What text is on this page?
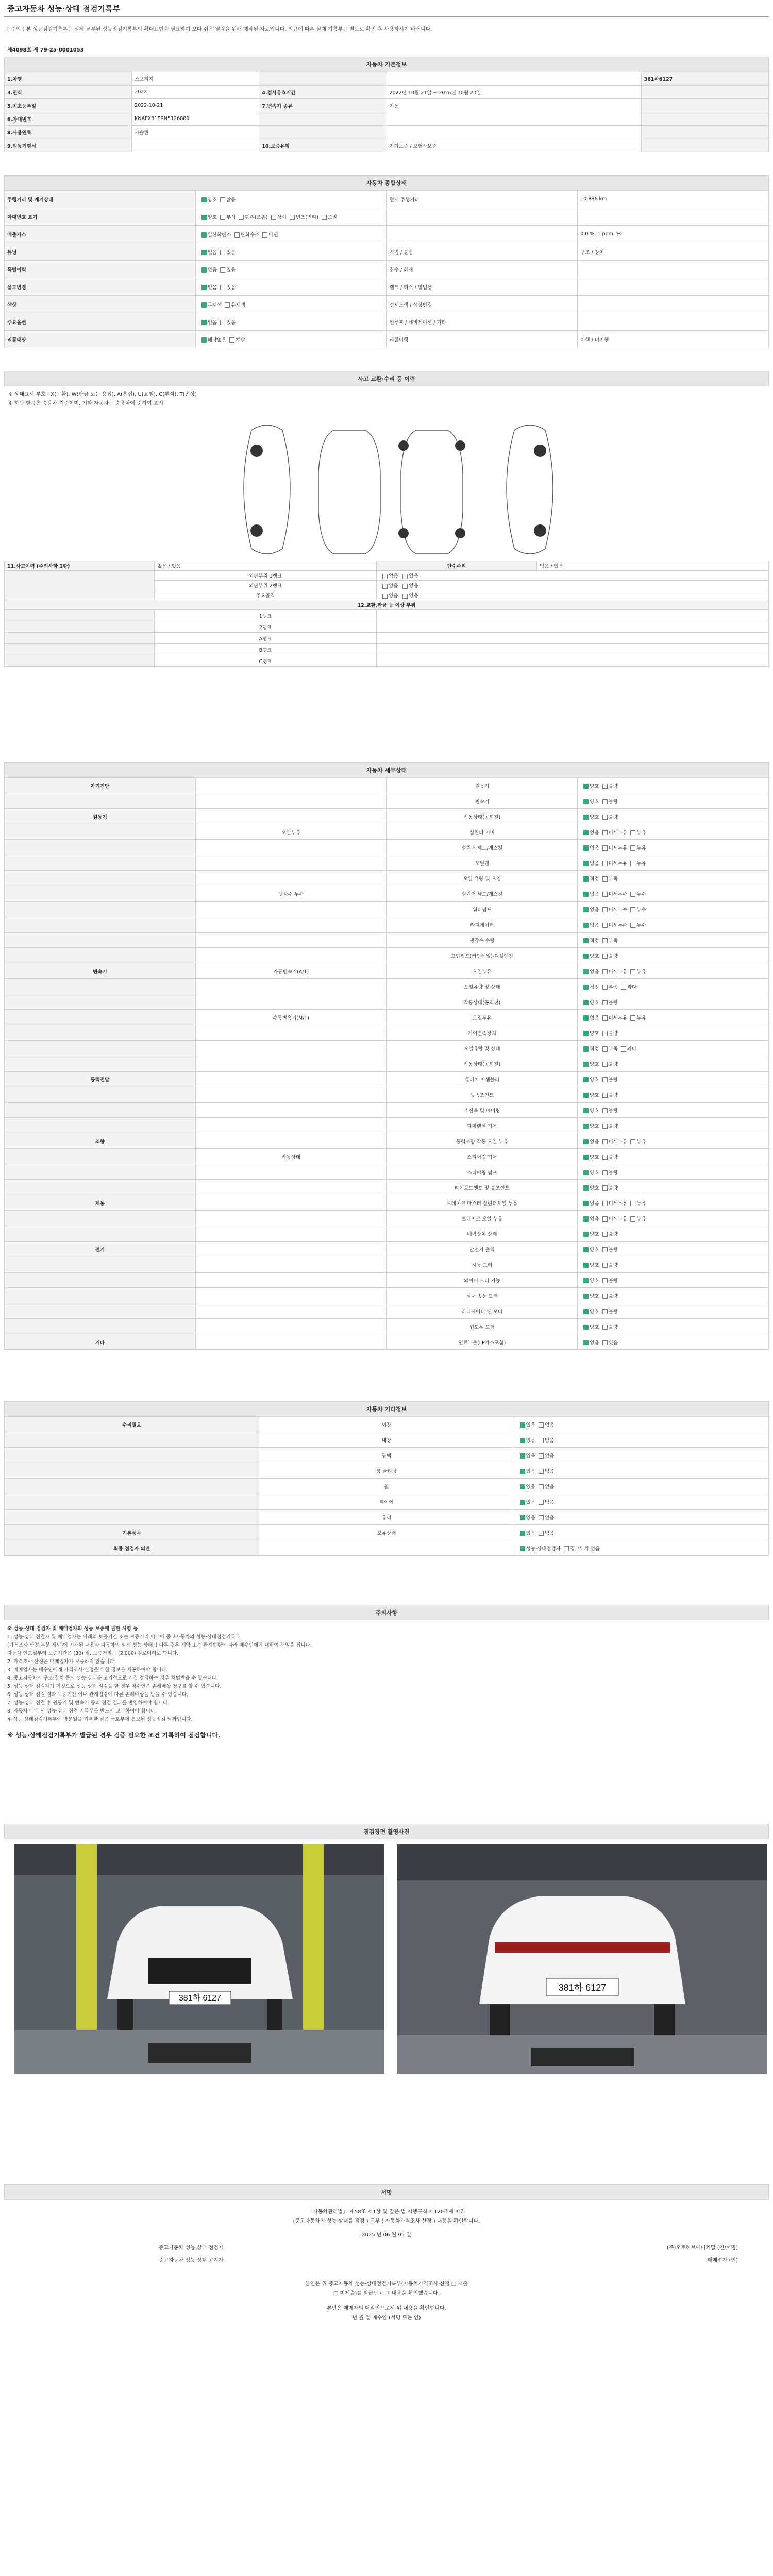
중고자동차 성능·상태 점검기록부
[ 주의 ] 본 성능점검기록부는 실제 교부된 성능점검기록부의 확대표현을 필요하여 보다 쉬운 열람을 위해 제작된 자료입니다. 법규에 따른 실제 기록부는 별도로 확인 후 사용하시기 바랍니다.
제4098호 제 79-25-0001053
자동차 기본정보				
1.차명	스포티지			381하6127
3.연식	2022	4.검사유효기간	2022년 10월 21일 ~ 2026년 10월 20일	
5.최초등록일	2022-10-21	7.변속기 종류	자동	
6.차대번호	KNAPX81ERN5126880			
8.사용연료	가솔린			
9.원동기형식		10.보증유형	자가보증 / 보험사보증	
자동차 종합상태			
주행거리 및 계기상태	양호 많음	현재 주행거리	10,886 km
차대번호 표기	양호 부식 훼손(오손) 상이 변조(변타) 도말		
배출가스	일산화탄소 탄화수소 매연		0.0 %, 1 ppm, %
튜닝	없음 있음	적법 / 불법	구조 / 장치
특별이력	없음 있음	침수 / 화재	
용도변경	없음 있음	렌트 / 리스 / 영업용	
색상	무채색 유채색	전체도색 / 색상변경	
주요옵션	없음 있음	썬루프 / 네비게이션 / 기타	
리콜대상	해당없음 해당	리콜이행	이행 / 미이행
사고 교환·수리 등 이력
※ 상태표시 부호 : X(교환), W(판금 또는 용접), A(흠집), U(요철), C(부식), T(손상)
※ 하단 항목은 승용차 기준이며, 기타 자동차는 승용차에 준하여 표시
11.사고이력 (주의사항 1항)	없음 / 있음	단순수리	없음 / 있음
	외판부위 1랭크	없음 있음	
	외판부위 2랭크	없음 있음	
	주요골격	없음 있음	
12.교환,판금 등 이상 부위			
	1랭크		
	2랭크		
	A랭크		
	B랭크		
	C랭크		
자동차 세부상태			
자기진단		원동기	양호 불량
		변속기	양호 불량
원동기		작동상태(공회전)	양호 불량
	오일누유	실린더 커버	없음 미세누유 누유
		실린더 헤드/개스킷	없음 미세누유 누유
		오일팬	없음 미세누유 누유
		오일 유량 및 오염	적정 부족
	냉각수 누수	실린더 헤드/개스킷	없음 미세누수 누수
		워터펌프	없음 미세누수 누수
		라디에이터	없음 미세누수 누수
		냉각수 수량	적정 부족
		고압펌프(커먼레일)-디젤엔진	양호 불량
변속기	자동변속기(A/T)	오일누유	없음 미세누유 누유
		오일유량 및 상태	적정 부족 과다
		작동상태(공회전)	양호 불량
	수동변속기(M/T)	오일누유	없음 미세누유 누유
		기어변속장치	양호 불량
		오일유량 및 상태	적정 부족 과다
		작동상태(공회전)	양호 불량
동력전달		클러치 어셈블리	양호 불량
		등속조인트	양호 불량
		추진축 및 베어링	양호 불량
		디퍼렌셜 기어	양호 불량
조향		동력조향 작동 오일 누유	없음 미세누유 누유
	작동상태	스티어링 기어	양호 불량
		스티어링 펌프	양호 불량
		타이로드엔드 및 볼조인트	양호 불량
제동		브레이크 마스터 실린더오일 누유	없음 미세누유 누유
		브레이크 오일 누유	없음 미세누유 누유
		배력장치 상태	양호 불량
전기		발전기 출력	양호 불량
		시동 모터	양호 불량
		와이퍼 모터 기능	양호 불량
		실내 송풍 모터	양호 불량
		라디에이터 팬 모터	양호 불량
		윈도우 모터	양호 불량
기타		연료누출(LP가스포함)	없음 있음
자동차 기타정보		
수리필요	외장	있음 없음
	내장	있음 없음
	광택	있음 없음
	룸 클리닝	있음 없음
	휠	있음 없음
	타이어	있음 없음
	유리	있음 없음
기본품목	보유상태	있음 없음
최종 점검자 의견		성능·상태점검자 경고위치 없음
주의사항

※ 성능·상태 점검자 및 매매업자의 성능 보증에 관한 사항 등

1. 성능·상태 점검자 및 매매업자는 아래의 보증기간 또는 보증거리 이내에 중고자동차의 성능·상태점검기록부

(가격조사·산정 부분 제외)에 기재된 내용과 자동차의 실제 성능·상태가 다른 경우 계약 또는 관계법령에 따라 매수인에게 대하여 책임을 집니다.

자동차 인도일부터 보증기간은 (30) 일, 보증거리는 (2,000) 킬로미터로 합니다.

2. 가격조사·산정은 매매업자가 보증하지 않습니다.

3. 매매업자는 매수인에게 가격조사·산정을 위한 정보를 제공하여야 합니다.

4. 중고자동차의 구조·장치 등의 성능·상태를 고의적으로 거짓 점검하는 경우 처벌받을 수 있습니다.

5. 성능·상태 점검자가 거짓으로 성능·상태 점검을 한 경우 매수인은 손해배상 청구를 할 수 있습니다.

6. 성능·상태 점검 결과 보증기간 이내 관계법령에 따른 손해배상을 받을 수 있습니다.

7. 성능·상태 점검 후 원동기 및 변속기 등의 점검 결과를 반영하여야 합니다.

8. 자동차 매매 시 성능·상태 점검 기록부를 반드시 교부하여야 합니다.

※ 성능·상태점검기록부에 방문일을 기록한 날은 국토부에 통보된 성능점검 날짜입니다.

※ 성능·상태점검기록부가 발급된 경우 검증 필요한 조건 기록하여 점검합니다.
점검장면 촬영사진
381하 6127
381하 6127
서명
「자동차관리법」 제58조 제1항 및 같은 법 시행규칙 제120조에 따라
(중고자동차의 성능·상태를 점검 ) 교부 ( 자동차가격조사·산정 ) 내용을 확인합니다.
2025 년 06 월 05 일
중고자동차 성능·상태 점검자	(주)오토허브에이치밀 (인/서명)
중고자동차 성능·상태 고지자	매매업자 (인)
본인은 위 중고자동차 성능·상태점검기록부(자동차가격조사·산정 □ 제출
□ 미제출)를 발급받고 그 내용을 확인했습니다.
본인은 매매자의 대리인으로서 위 내용을 확인합니다.
년 월 일 매수인 (서명 또는 인)
